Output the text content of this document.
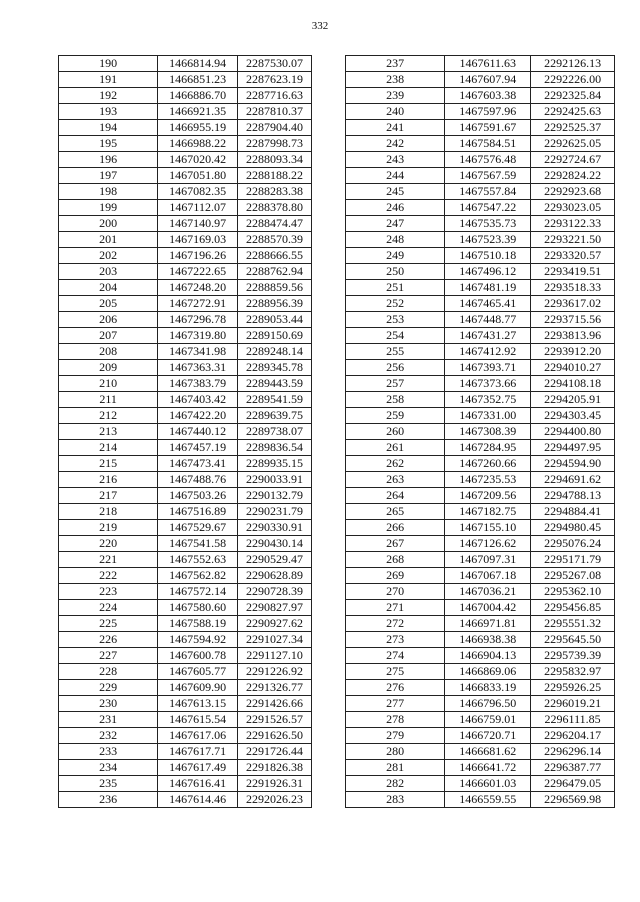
332
190	1466814.94	2287530.07
191	1466851.23	2287623.19
192	1466886.70	2287716.63
193	1466921.35	2287810.37
194	1466955.19	2287904.40
195	1466988.22	2287998.73
196	1467020.42	2288093.34
197	1467051.80	2288188.22
198	1467082.35	2288283.38
199	1467112.07	2288378.80
200	1467140.97	2288474.47
201	1467169.03	2288570.39
202	1467196.26	2288666.55
203	1467222.65	2288762.94
204	1467248.20	2288859.56
205	1467272.91	2288956.39
206	1467296.78	2289053.44
207	1467319.80	2289150.69
208	1467341.98	2289248.14
209	1467363.31	2289345.78
210	1467383.79	2289443.59
211	1467403.42	2289541.59
212	1467422.20	2289639.75
213	1467440.12	2289738.07
214	1467457.19	2289836.54
215	1467473.41	2289935.15
216	1467488.76	2290033.91
217	1467503.26	2290132.79
218	1467516.89	2290231.79
219	1467529.67	2290330.91
220	1467541.58	2290430.14
221	1467552.63	2290529.47
222	1467562.82	2290628.89
223	1467572.14	2290728.39
224	1467580.60	2290827.97
225	1467588.19	2290927.62
226	1467594.92	2291027.34
227	1467600.78	2291127.10
228	1467605.77	2291226.92
229	1467609.90	2291326.77
230	1467613.15	2291426.66
231	1467615.54	2291526.57
232	1467617.06	2291626.50
233	1467617.71	2291726.44
234	1467617.49	2291826.38
235	1467616.41	2291926.31
236	1467614.46	2292026.23
237	1467611.63	2292126.13
238	1467607.94	2292226.00
239	1467603.38	2292325.84
240	1467597.96	2292425.63
241	1467591.67	2292525.37
242	1467584.51	2292625.05
243	1467576.48	2292724.67
244	1467567.59	2292824.22
245	1467557.84	2292923.68
246	1467547.22	2293023.05
247	1467535.73	2293122.33
248	1467523.39	2293221.50
249	1467510.18	2293320.57
250	1467496.12	2293419.51
251	1467481.19	2293518.33
252	1467465.41	2293617.02
253	1467448.77	2293715.56
254	1467431.27	2293813.96
255	1467412.92	2293912.20
256	1467393.71	2294010.27
257	1467373.66	2294108.18
258	1467352.75	2294205.91
259	1467331.00	2294303.45
260	1467308.39	2294400.80
261	1467284.95	2294497.95
262	1467260.66	2294594.90
263	1467235.53	2294691.62
264	1467209.56	2294788.13
265	1467182.75	2294884.41
266	1467155.10	2294980.45
267	1467126.62	2295076.24
268	1467097.31	2295171.79
269	1467067.18	2295267.08
270	1467036.21	2295362.10
271	1467004.42	2295456.85
272	1466971.81	2295551.32
273	1466938.38	2295645.50
274	1466904.13	2295739.39
275	1466869.06	2295832.97
276	1466833.19	2295926.25
277	1466796.50	2296019.21
278	1466759.01	2296111.85
279	1466720.71	2296204.17
280	1466681.62	2296296.14
281	1466641.72	2296387.77
282	1466601.03	2296479.05
283	1466559.55	2296569.98
